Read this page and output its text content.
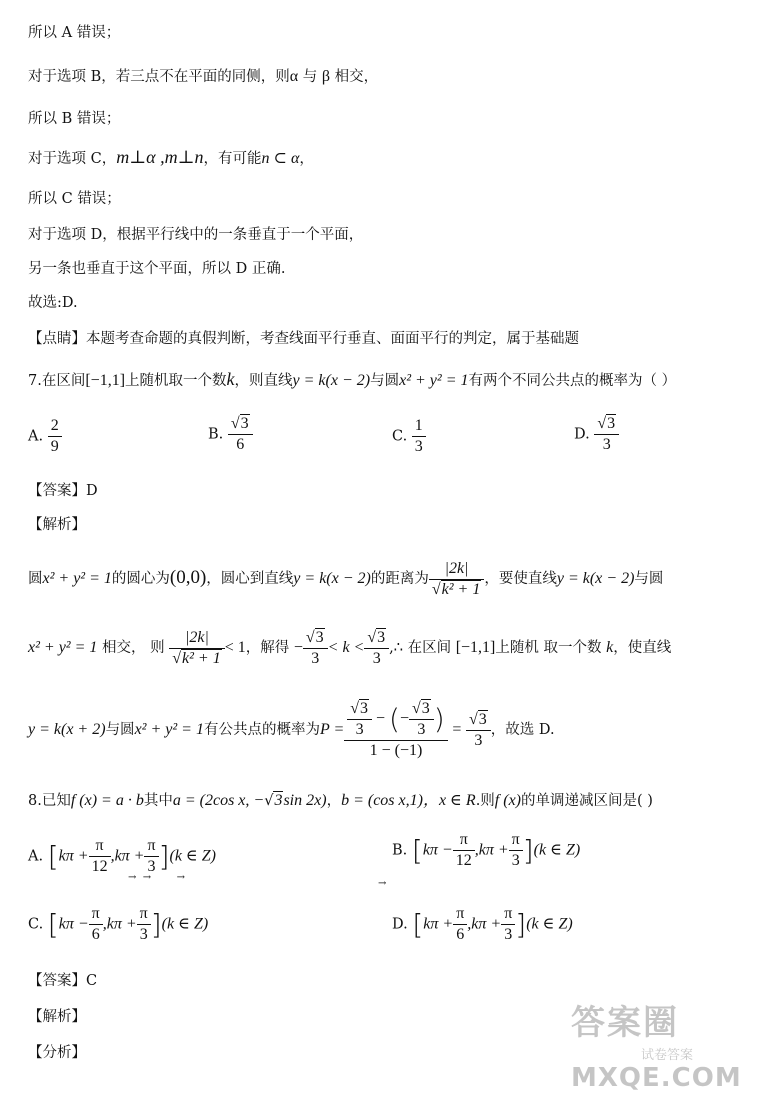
所以 A 错误；
对于选项 B，若三点不在平面的同侧，则α 与 β 相交，
所以 B 错误；
对于选项 C，m⊥α ,m⊥n，有可能n ⊂ α，
所以 C 错误；
对于选项 D，根据平行线中的一条垂直于一个平面，
另一条也垂直于这个平面，所以 D 正确.
故选:D.
【点睛】本题考查命题的真假判断，考查线面平行垂直、面面平行的判定，属于基础题
7.在区间[−1,1]上随机取一个数k，则直线y = k(x − 2)与圆x² + y² = 1有两个不同公共点的概率为（ ）
A. $\frac{2}{9}$	B. $\frac{√3}{6}$	C. $\frac{1}{3}$	D. $\frac{√3}{3}$
【答案】D
【解析】
圆x² + y² = 1的圆心为(0,0)，圆心到直线y = k(x − 2)的距离为 $\frac{|2k|}{\text{√k² + 1}}$ ，要使直线y = k(x − 2)与圆
x² + y² = 1 相交， 则 $\frac{|2k|}{\text{√k² + 1}} < 1$，解得 − $\frac{√3}{3} < k < \frac{√3}{3}$ ,∴ 在区间 [−1,1]上随机 取一个数 k，使直线
y = k(x + 2)与圆x² + y² = 1有公共点的概率为$P = \frac{\frac{√3}{3} - (- \frac{√3}{3} )}{1 - (-1)} = \frac{√3}{3}$ ，故选 D.
8.已知f (x) = a · b其中a = (2cos x, −√3sin 2x)，b = (cos x,1)，x ∈ R.则f (x)的单调递减区间是( )
A. $[k\pi + \frac{\pi}{12} ,k\pi + \frac{\pi}{3} ](k$ ∈ Z)
→ →	→
→
B. $[k\pi - \frac{\pi}{12} ,k\pi + \frac{\pi}{3} ](k$ ∈ Z)
C. $[k\pi - \frac{\pi}{6} ,k\pi + \frac{\pi}{3} ](k$ ∈ Z)	D. $[k\pi + \frac{\pi}{6} ,k\pi + \frac{\pi}{3} ](k$ ∈ Z)
【答案】C
【解析】
【分析】
答案圈
试卷答案
MXQE.COM
